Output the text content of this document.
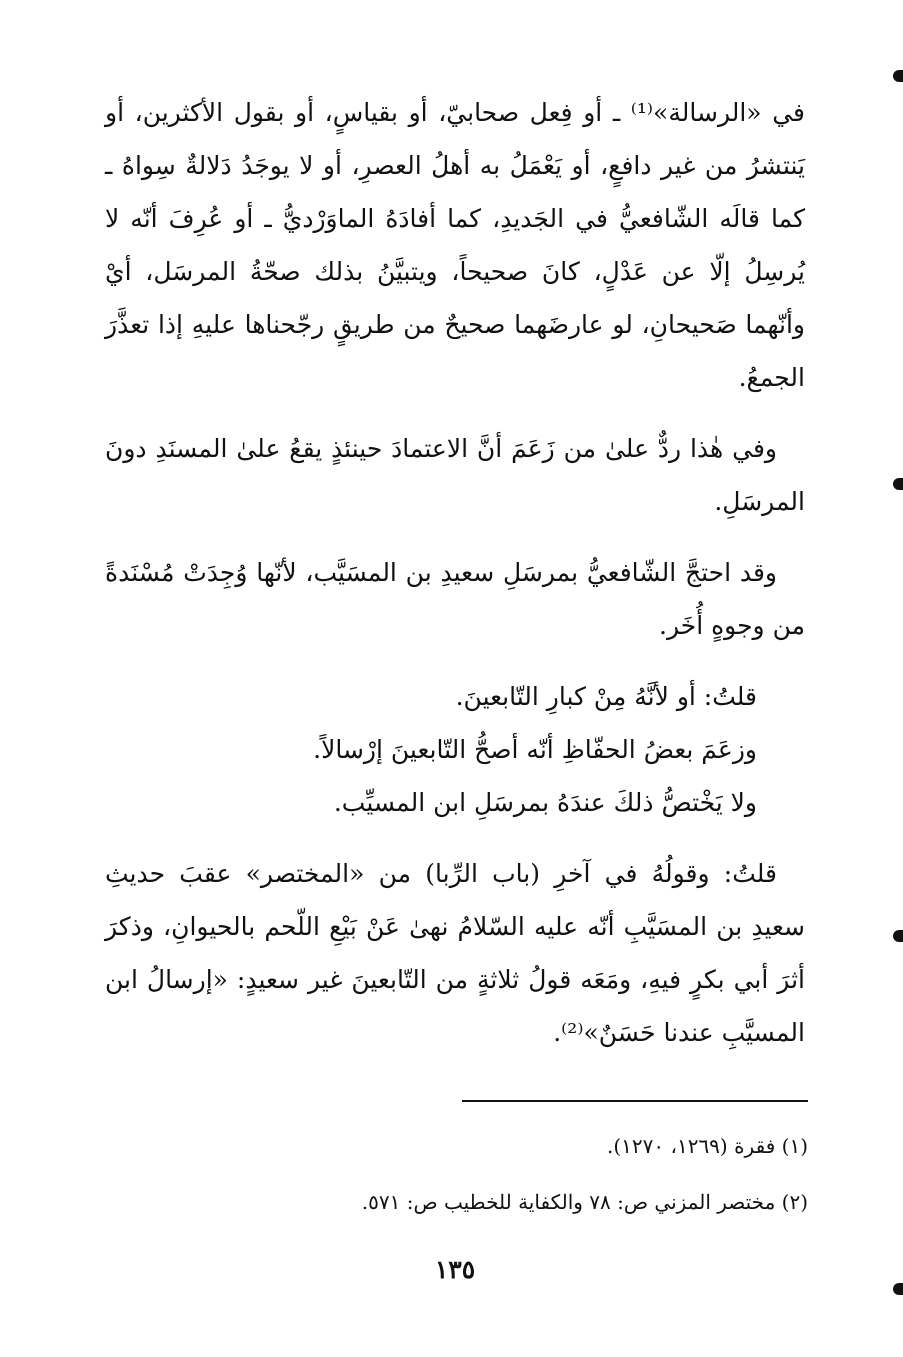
في «الرسالة»⁽¹⁾ ـ أو فِعل صحابيّ، أو بقياسٍ، أو بقول الأكثرين، أو يَنتشرُ من غير دافعٍ، أو يَعْمَلُ به أهلُ العصرِ، أو لا يوجَدُ دَلالةٌ سِواهُ ـ كما قالَه الشّافعيُّ في الجَديدِ، كما أفادَهُ الماوَرْديُّ ـ أو عُرِفَ أنّه لا يُرسِلُ إلّا عن عَدْلٍ، كانَ صحيحاً، ويتبيَّنُ بذلك صحّةُ المرسَل، أيْ وأنّهما صَحيحانِ، لو عارضَهما صحيحٌ من طريقٍ رجّحناها عليهِ إذا تعذَّرَ الجمعُ.

وفي هٰذا ردٌّ علىٰ من زَعَمَ أنَّ الاعتمادَ حينئذٍ يقعُ علىٰ المسنَدِ دونَ المرسَلِ.

وقد احتجَّ الشّافعيُّ بمرسَلِ سعيدِ بن المسَيَّب، لأنّها وُجِدَتْ مُسْنَدةً من وجوهٍ أُخَر.

قلتُ: أو لأنَّهُ مِنْ كبارِ التّابعينَ.

وزعَمَ بعضُ الحفّاظِ أنّه أصحُّ التّابعينَ إرْسالاً.

ولا يَخْتصُّ ذلكَ عندَهُ بمرسَلِ ابن المسيِّب.

قلتُ: وقولُهُ في آخرِ (باب الرِّبا) من «المختصر» عقبَ حديثِ سعيدِ بن المسَيَّبِ أنّه عليه السّلامُ نهىٰ عَنْ بَيْعِ اللّحم بالحيوانِ، وذكرَ أثرَ أبي بكرٍ فيهِ، ومَعَه قولُ ثلاثةٍ من التّابعينَ غير سعيدٍ: «إرسالُ ابن المسيَّبِ عندنا حَسَنٌ»⁽²⁾.

(١) فقرة (١٢٦٩، ١٢٧٠).

(٢) مختصر المزني ص: ٧٨ والكفاية للخطيب ص: ٥٧١.

١٣٥
